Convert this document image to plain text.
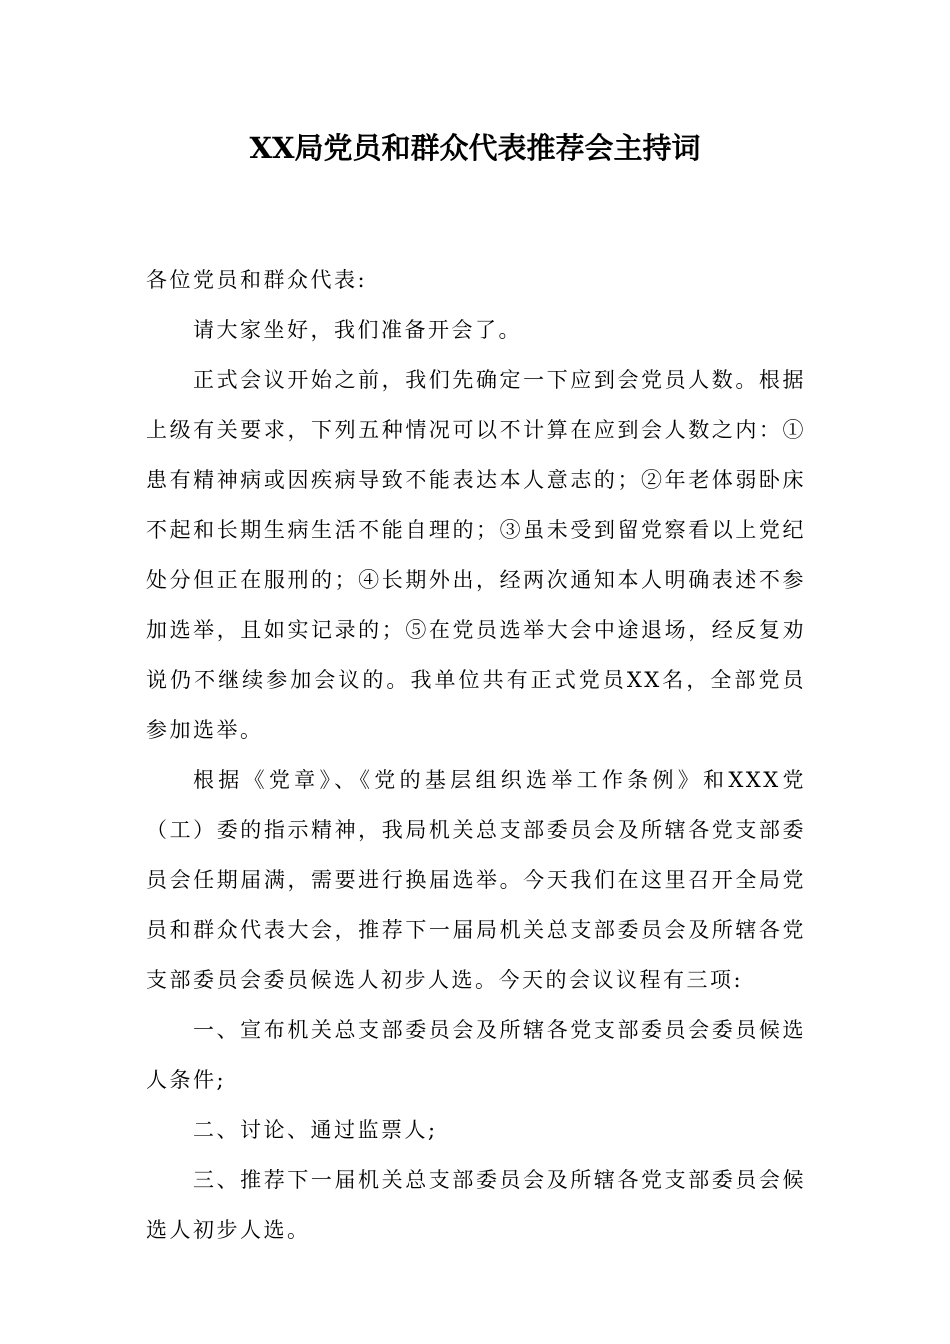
XX局党员和群众代表推荐会主持词

各位党员和群众代表:

请大家坐好，我们准备开会了。

正式会议开始之前，我们先确定一下应到会党员人数。根据上级有关要求，下列五种情况可以不计算在应到会人数之内：①患有精神病或因疾病导致不能表达本人意志的；②年老体弱卧床不起和长期生病生活不能自理的；③虽未受到留党察看以上党纪处分但正在服刑的；④长期外出，经两次通知本人明确表述不参加选举，且如实记录的；⑤在党员选举大会中途退场，经反复劝说仍不继续参加会议的。我单位共有正式党员XX名，全部党员参加选举。

根据《党章》、《党的基层组织选举工作条例》和XXX党（工）委的指示精神，我局机关总支部委员会及所辖各党支部委员会任期届满，需要进行换届选举。今天我们在这里召开全局党员和群众代表大会，推荐下一届局机关总支部委员会及所辖各党支部委员会委员候选人初步人选。今天的会议议程有三项:

一、宣布机关总支部委员会及所辖各党支部委员会委员候选人条件;

二、讨论、通过监票人;

三、推荐下一届机关总支部委员会及所辖各党支部委员会候选人初步人选。
